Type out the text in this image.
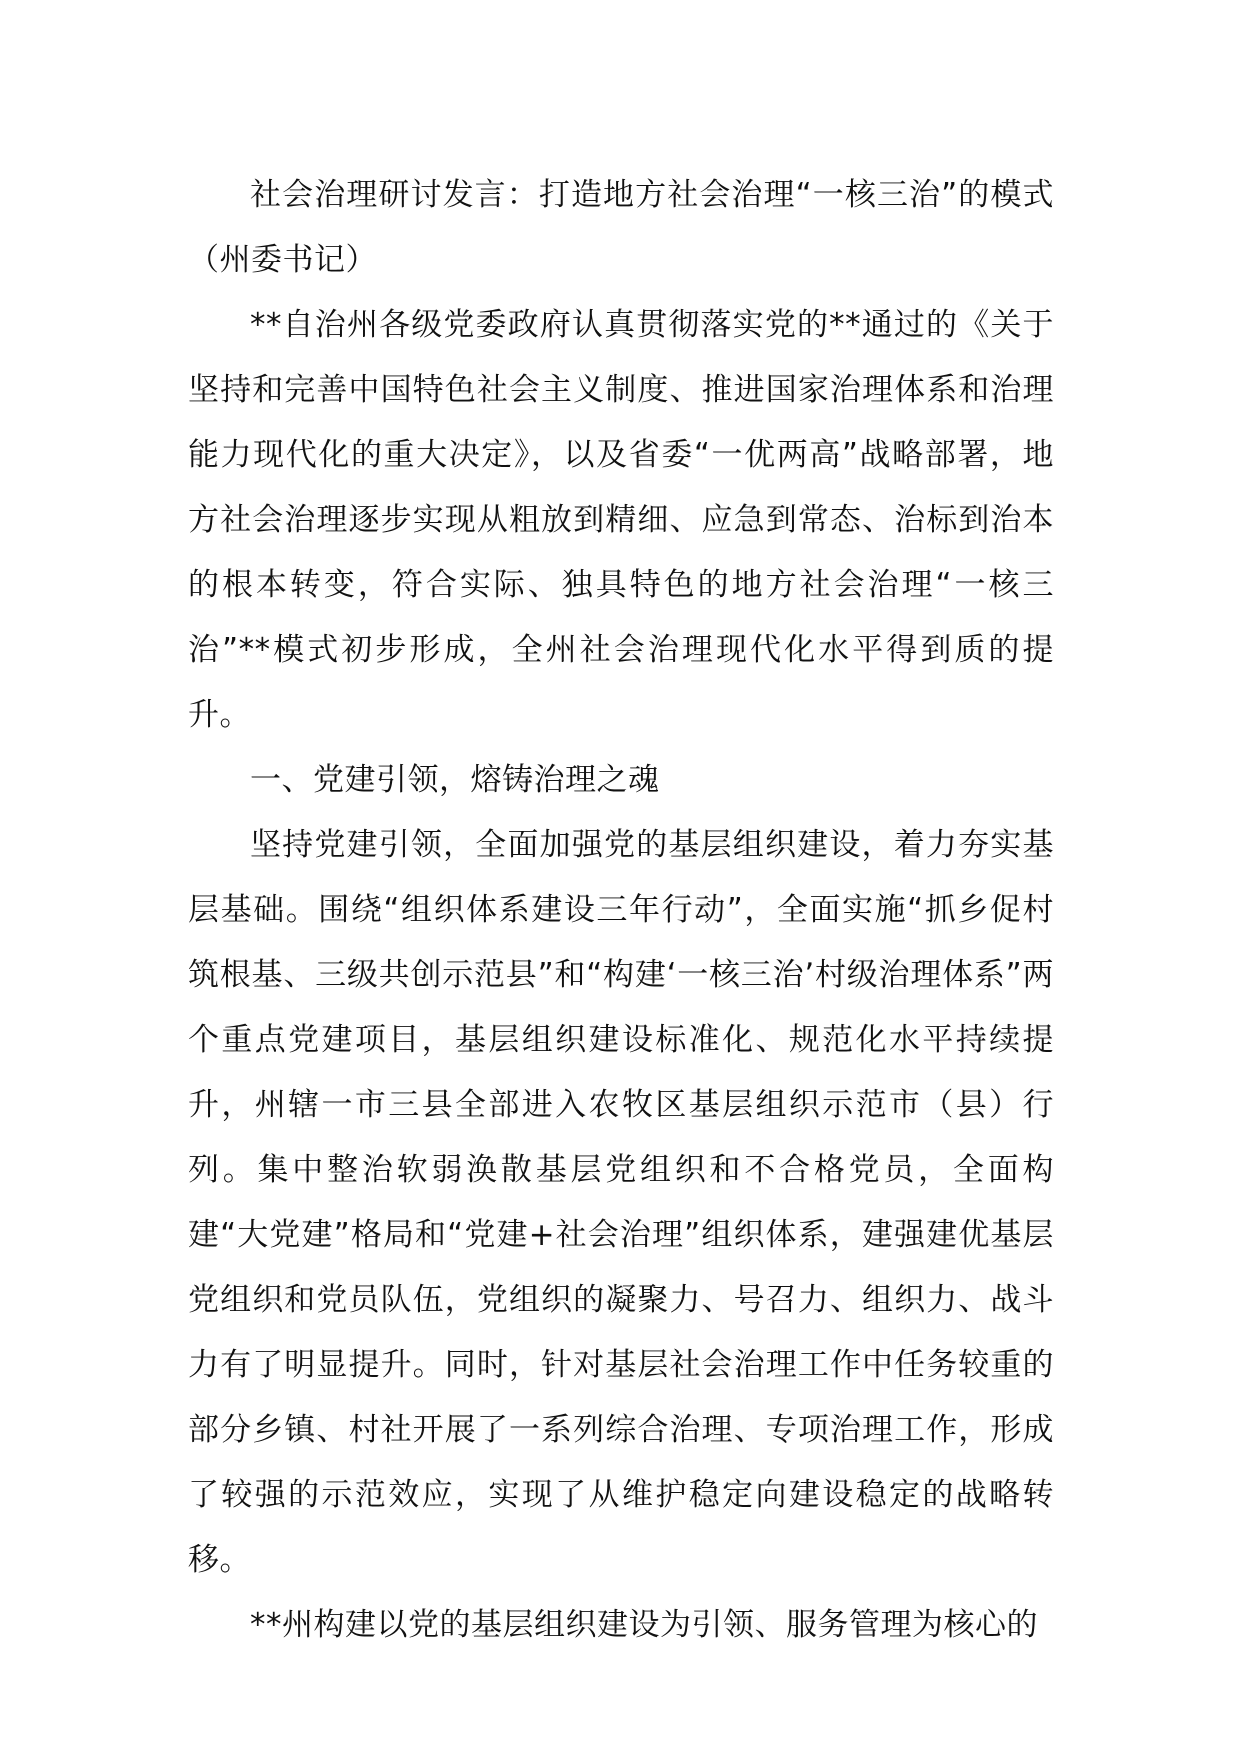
社会治理研讨发言：打造地方社会治理“一核三治”的模式（州委书记）

**自治州各级党委政府认真贯彻落实党的**通过的《关于坚持和完善中国特色社会主义制度、推进国家治理体系和治理能力现代化的重大决定》，以及省委“一优两高”战略部署，地方社会治理逐步实现从粗放到精细、应急到常态、治标到治本的根本转变，符合实际、独具特色的地方社会治理“一核三治”**模式初步形成，全州社会治理现代化水平得到质的提升。

一、党建引领，熔铸治理之魂

坚持党建引领，全面加强党的基层组织建设，着力夯实基层基础。围绕“组织体系建设三年行动”，全面实施“抓乡促村筑根基、三级共创示范县”和“构建‘一核三治’村级治理体系”两个重点党建项目，基层组织建设标准化、规范化水平持续提升，州辖一市三县全部进入农牧区基层组织示范市（县）行列。集中整治软弱涣散基层党组织和不合格党员，全面构建“大党建”格局和“党建+社会治理”组织体系，建强建优基层党组织和党员队伍，党组织的凝聚力、号召力、组织力、战斗力有了明显提升。同时，针对基层社会治理工作中任务较重的部分乡镇、村社开展了一系列综合治理、专项治理工作，形成了较强的示范效应，实现了从维护稳定向建设稳定的战略转移。

**州构建以党的基层组织建设为引领、服务管理为核心的
